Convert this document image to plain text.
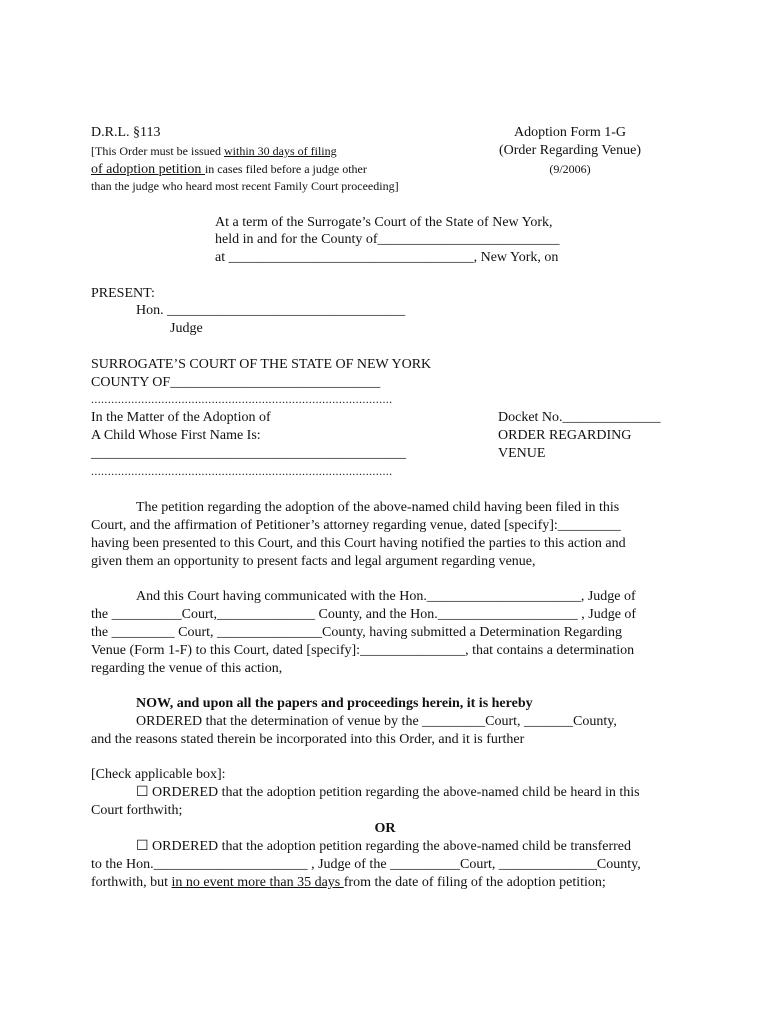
D.R.L. §113
[This Order must be issued within 30 days of filing
of adoption petition in cases filed before a judge other
than the judge who heard most recent Family Court proceeding]
Adoption Form 1-G
(Order Regarding Venue)
(9/2006)
At a term of the Surrogate’s Court of the State of New York,
held in and for the County of__________________________
at ___________________________________, New York, on
PRESENT:
Hon. __________________________________
Judge
SURROGATE’S COURT OF THE STATE OF NEW YORK
COUNTY OF______________________________
..........................................................................................
In the Matter of the Adoption of
A Child Whose First Name Is:
_____________________________________________
..........................................................................................
Docket No.______________
ORDER REGARDING
VENUE
The petition regarding the adoption of the above-named child having been filed in this
Court, and the affirmation of Petitioner’s attorney regarding venue, dated [specify]:_________
having been presented to this Court, and this Court having notified the parties to this action and
given them an opportunity to present facts and legal argument regarding venue,
And this Court having communicated with the Hon.______________________, Judge of
the __________Court,______________ County, and the Hon.____________________ , Judge of
the _________ Court, _______________County, having submitted a Determination Regarding
Venue (Form 1-F) to this Court, dated [specify]:_______________, that contains a determination
regarding the venue of this action,
NOW, and upon all the papers and proceedings herein, it is hereby
ORDERED that the determination of venue by the _________Court, _______County,
and the reasons stated therein be incorporated into this Order, and it is further
[Check applicable box]:
☐ ORDERED that the adoption petition regarding the above-named child be heard in this
Court forthwith;
OR
☐ ORDERED that the adoption petition regarding the above-named child be transferred
to the Hon.______________________ , Judge of the __________Court, ______________County,
forthwith, but in no event more than 35 days from the date of filing of the adoption petition;
